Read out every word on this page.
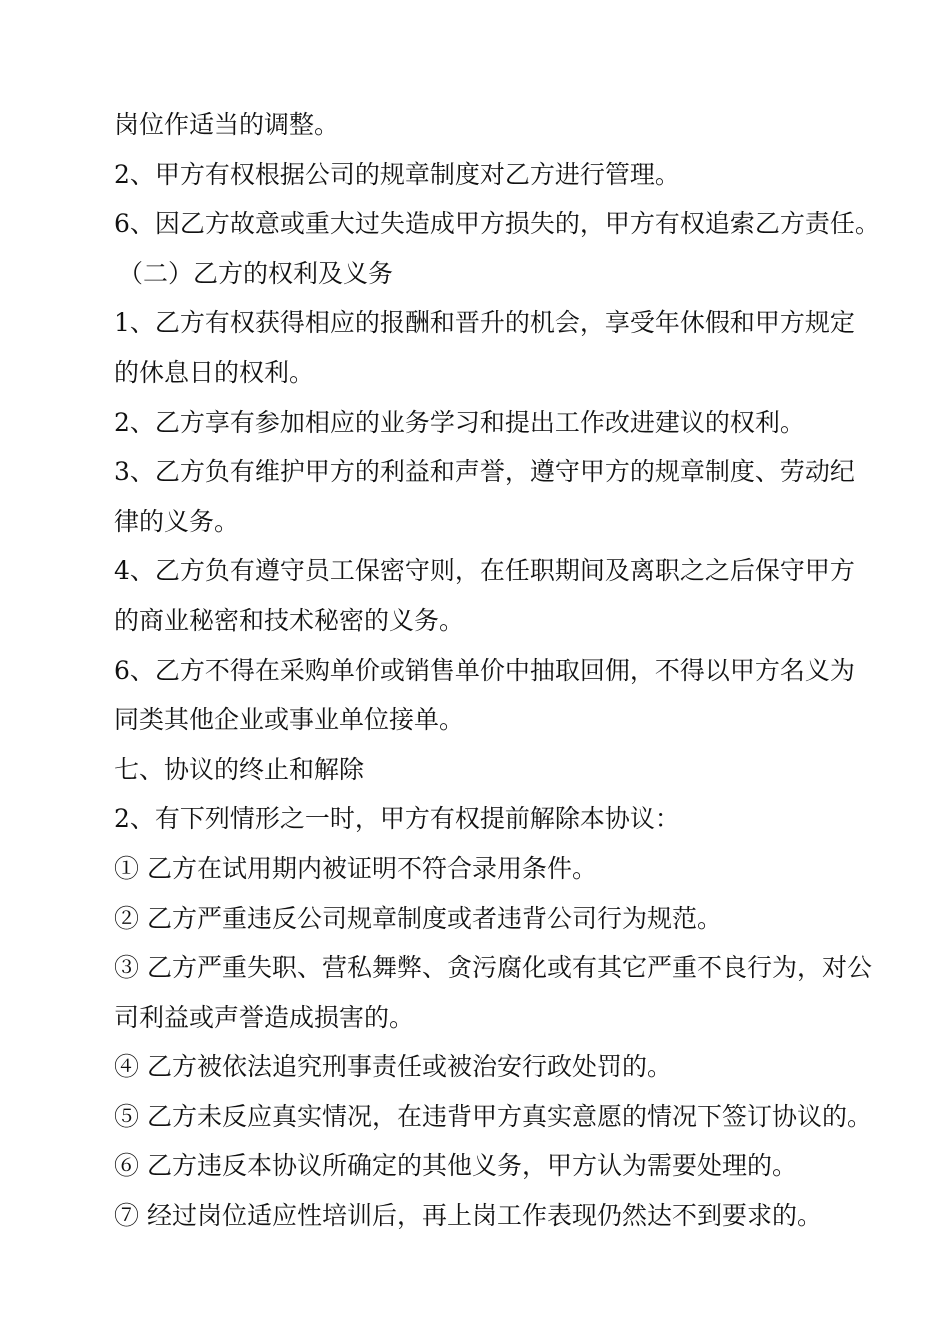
岗位作适当的调整。
2、甲方有权根据公司的规章制度对乙方进行管理。
6、因乙方故意或重大过失造成甲方损失的，甲方有权追索乙方责任。
（二）乙方的权利及义务
1、乙方有权获得相应的报酬和晋升的机会，享受年休假和甲方规定
的休息日的权利。
2、乙方享有参加相应的业务学习和提出工作改进建议的权利。
3、乙方负有维护甲方的利益和声誉，遵守甲方的规章制度、劳动纪
律的义务。
4、乙方负有遵守员工保密守则，在任职期间及离职之之后保守甲方
的商业秘密和技术秘密的义务。
6、乙方不得在采购单价或销售单价中抽取回佣，不得以甲方名义为
同类其他企业或事业单位接单。
七、协议的终止和解除
2、有下列情形之一时，甲方有权提前解除本协议：
① 乙方在试用期内被证明不符合录用条件。
② 乙方严重违反公司规章制度或者违背公司行为规范。
③ 乙方严重失职、营私舞弊、贪污腐化或有其它严重不良行为，对公
司利益或声誉造成损害的。
④ 乙方被依法追究刑事责任或被治安行政处罚的。
⑤ 乙方未反应真实情况，在违背甲方真实意愿的情况下签订协议的。
⑥ 乙方违反本协议所确定的其他义务，甲方认为需要处理的。
⑦ 经过岗位适应性培训后，再上岗工作表现仍然达不到要求的。
